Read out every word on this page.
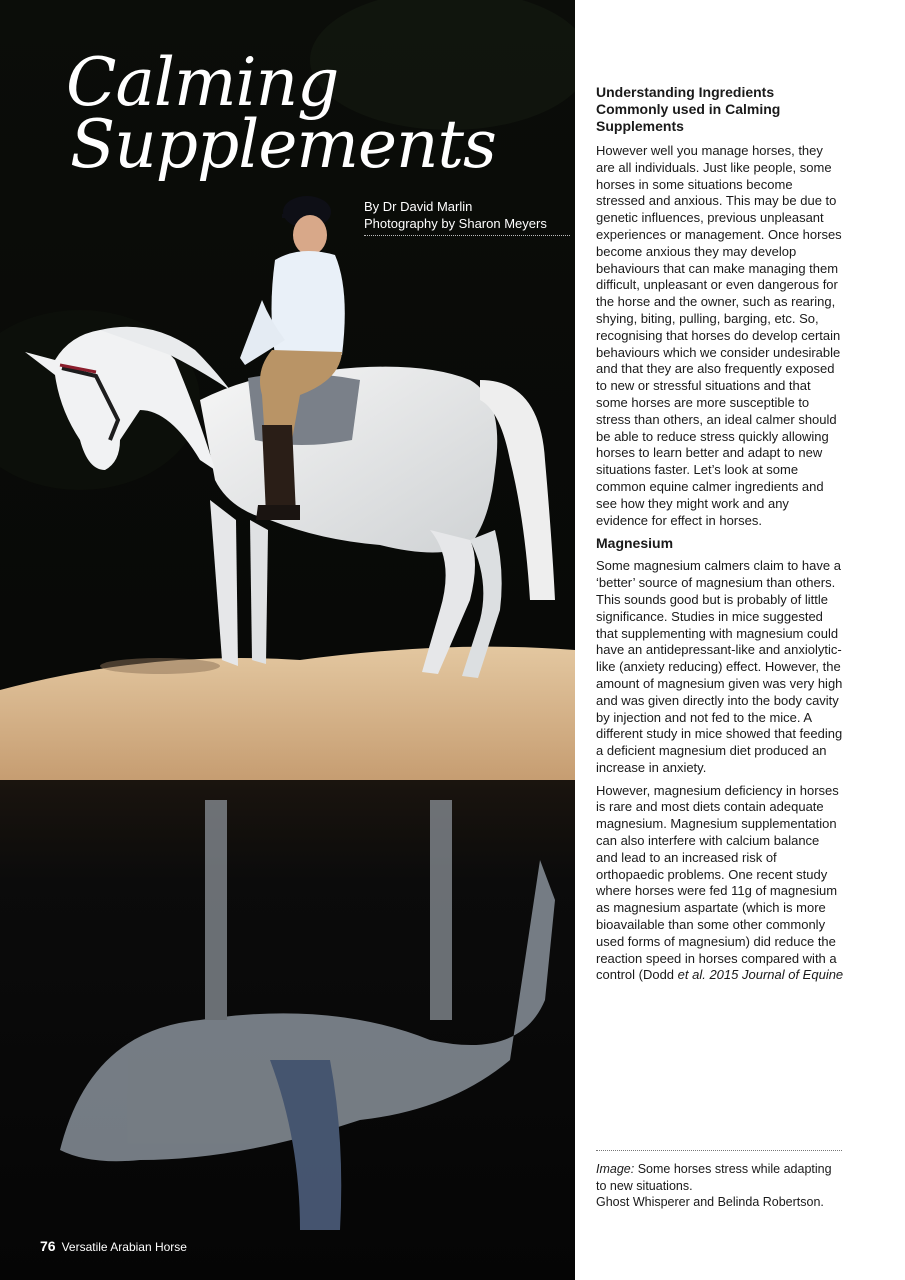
Calming

Supplements
By Dr David Marlin
Photography by Sharon Meyers
76 Versatile Arabian Horse
Understanding Ingredients Commonly used in Calming Supplements

However well you manage horses, they are all individuals. Just like people, some horses in some situations become stressed and anxious. This may be due to genetic influences, previous unpleasant experiences or management. Once horses become anxious they may develop behaviours that can make managing them difficult, unpleasant or even dangerous for the horse and the owner, such as rearing, shying, biting, pulling, barging, etc. So, recognising that horses do develop certain behaviours which we consider undesirable and that they are also frequently exposed to new or stressful situations and that some horses are more susceptible to stress than others, an ideal calmer should be able to reduce stress quickly allowing horses to learn better and adapt to new situations faster. Let’s look at some common equine calmer ingredients and see how they might work and any evidence for effect in horses.

Magnesium

Some magnesium calmers claim to have a ‘better’ source of magnesium than others. This sounds good but is probably of little significance. Studies in mice suggested that supplementing with magnesium could have an antidepressant-like and anxiolytic-like (anxiety reducing) effect. However, the amount of magnesium given was very high and was given directly into the body cavity by injection and not fed to the mice. A different study in mice showed that feeding a deficient magnesium diet produced an increase in anxiety.

However, magnesium deficiency in horses is rare and most diets contain adequate magnesium. Magnesium supplementation can also interfere with calcium balance and lead to an increased risk of orthopaedic problems. One recent study where horses were fed 11g of magnesium as magnesium aspartate (which is more bioavailable than some other commonly used forms of magnesium) did reduce the reaction speed in horses compared with a control (Dodd et al. 2015 Journal of Equine

Image: Some horses stress while adapting to new situations.
Ghost Whisperer and Belinda Robertson.
